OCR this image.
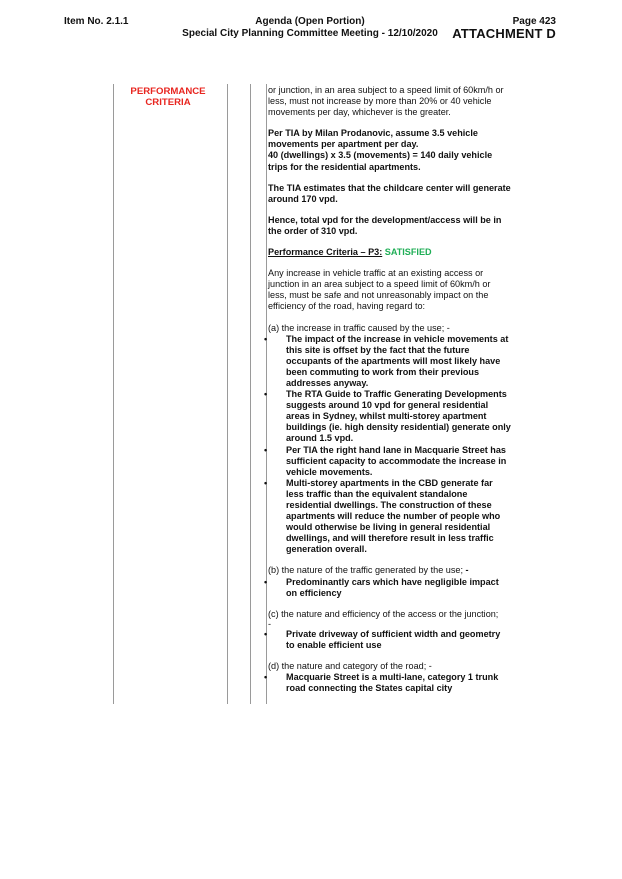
Item No. 2.1.1	Agenda (Open Portion)
Special City Planning Committee Meeting - 12/10/2020
Page 423
ATTACHMENT D
PERFORMANCE CRITERIA

or junction, in an area subject to a speed limit of 60km/h or less, must not increase by more than 20% or 40 vehicle movements per day, whichever is the greater.

Per TIA by Milan Prodanovic, assume 3.5 vehicle movements per apartment per day.
40 (dwellings) x 3.5 (movements) = 140 daily vehicle trips for the residential apartments.

The TIA estimates that the childcare center will generate around 170 vpd.

Hence, total vpd for the development/access will be in the order of 310 vpd.

Performance Criteria – P3: SATISFIED

Any increase in vehicle traffic at an existing access or junction in an area subject to a speed limit of 60km/h or less, must be safe and not unreasonably impact on the efficiency of the road, having regard to:

(a) the increase in traffic caused by the use; -
• The impact of the increase in vehicle movements at this site is offset by the fact that the future occupants of the apartments will most likely have been commuting to work from their previous addresses anyway.
• The RTA Guide to Traffic Generating Developments suggests around 10 vpd for general residential areas in Sydney, whilst multi-storey apartment buildings (ie. high density residential) generate only around 1.5 vpd.
• Per TIA the right hand lane in Macquarie Street has sufficient capacity to accommodate the increase in vehicle movements.
• Multi-storey apartments in the CBD generate far less traffic than the equivalent standalone residential dwellings. The construction of these apartments will reduce the number of people who would otherwise be living in general residential dwellings, and will therefore result in less traffic generation overall.
(b) the nature of the traffic generated by the use; -
• Predominantly cars which have negligible impact on efficiency
(c) the nature and efficiency of the access or the junction;
-
• Private driveway of sufficient width and geometry to enable efficient use
(d) the nature and category of the road; -
• Macquarie Street is a multi-lane, category 1 trunk road connecting the States capital city
